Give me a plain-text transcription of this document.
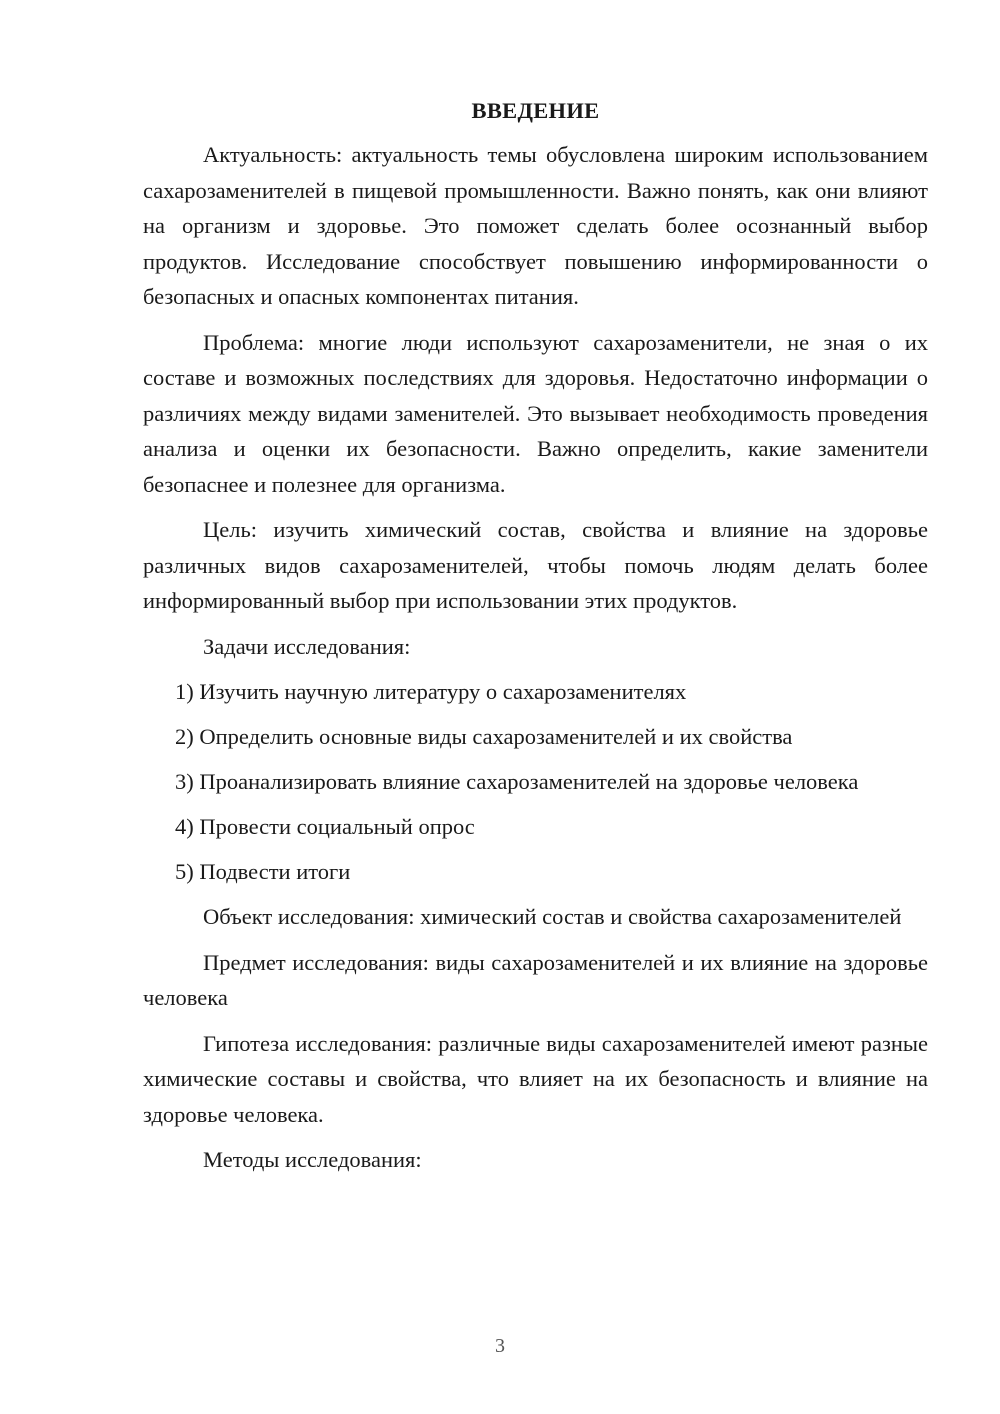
ВВЕДЕНИЕ

Актуальность: актуальность темы обусловлена широким использованием сахарозаменителей в пищевой промышленности. Важно понять, как они влияют на организм и здоровье. Это поможет сделать более осознанный выбор продуктов. Исследование способствует повышению информированности о безопасных и опасных компонентах питания.

Проблема: многие люди используют сахарозаменители, не зная о их составе и возможных последствиях для здоровья. Недостаточно информации о различиях между видами заменителей. Это вызывает необходимость проведения анализа и оценки их безопасности. Важно определить, какие заменители безопаснее и полезнее для организма.

Цель: изучить химический состав, свойства и влияние на здоровье различных видов сахарозаменителей, чтобы помочь людям делать более информированный выбор при использовании этих продуктов.

Задачи исследования:

1) Изучить научную литературу о сахарозаменителях

2) Определить основные виды сахарозаменителей и их свойства

3) Проанализировать влияние сахарозаменителей на здоровье человека

4) Провести социальный опрос

5) Подвести итоги

Объект исследования: химический состав и свойства сахарозаменителей

Предмет исследования: виды сахарозаменителей и их влияние на здоровье человека

Гипотеза исследования: различные виды сахарозаменителей имеют разные химические составы и свойства, что влияет на их безопасность и влияние на здоровье человека.

Методы исследования:

3
